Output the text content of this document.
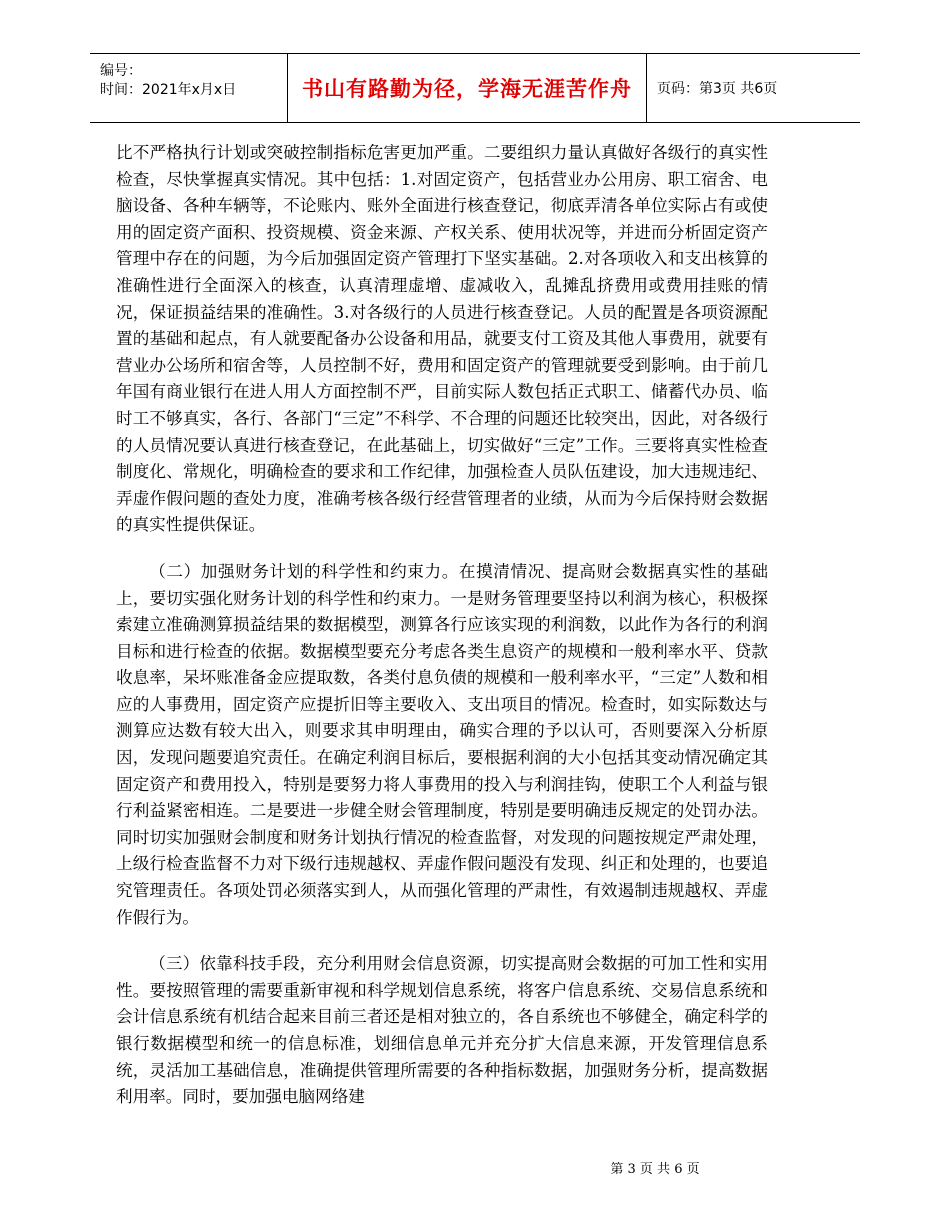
编号：
时间：2021年x月x日	书山有路勤为径，学海无涯苦作舟	页码：第3页 共6页

比不严格执行计划或突破控制指标危害更加严重。二要组织力量认真做好各级行的真实性检查，尽快掌握真实情况。其中包括：1.对固定资产，包括营业办公用房、职工宿舍、电脑设备、各种车辆等，不论账内、账外全面进行核查登记，彻底弄清各单位实际占有或使用的固定资产面积、投资规模、资金来源、产权关系、使用状况等，并进而分析固定资产管理中存在的问题，为今后加强固定资产管理打下坚实基础。2.对各项收入和支出核算的准确性进行全面深入的核查，认真清理虚增、虚减收入，乱摊乱挤费用或费用挂账的情况，保证损益结果的准确性。3.对各级行的人员进行核查登记。人员的配置是各项资源配置的基础和起点，有人就要配备办公设备和用品，就要支付工资及其他人事费用，就要有营业办公场所和宿舍等，人员控制不好，费用和固定资产的管理就要受到影响。由于前几年国有商业银行在进人用人方面控制不严，目前实际人数包括正式职工、储蓄代办员、临时工不够真实，各行、各部门“三定”不科学、不合理的问题还比较突出，因此，对各级行的人员情况要认真进行核查登记，在此基础上，切实做好“三定”工作。三要将真实性检查制度化、常规化，明确检查的要求和工作纪律，加强检查人员队伍建设，加大违规违纪、弄虚作假问题的查处力度，准确考核各级行经营管理者的业绩，从而为今后保持财会数据的真实性提供保证。

（二）加强财务计划的科学性和约束力。在摸清情况、提高财会数据真实性的基础上，要切实强化财务计划的科学性和约束力。一是财务管理要坚持以利润为核心，积极探索建立准确测算损益结果的数据模型，测算各行应该实现的利润数，以此作为各行的利润目标和进行检查的依据。数据模型要充分考虑各类生息资产的规模和一般利率水平、贷款收息率，呆坏账准备金应提取数，各类付息负债的规模和一般利率水平，“三定”人数和相应的人事费用，固定资产应提折旧等主要收入、支出项目的情况。检查时，如实际数达与测算应达数有较大出入，则要求其申明理由，确实合理的予以认可，否则要深入分析原因，发现问题要追究责任。在确定利润目标后，要根据利润的大小包括其变动情况确定其固定资产和费用投入，特别是要努力将人事费用的投入与利润挂钩，使职工个人利益与银行利益紧密相连。二是要进一步健全财会管理制度，特别是要明确违反规定的处罚办法。同时切实加强财会制度和财务计划执行情况的检查监督，对发现的问题按规定严肃处理，上级行检查监督不力对下级行违规越权、弄虚作假问题没有发现、纠正和处理的，也要追究管理责任。各项处罚必须落实到人，从而强化管理的严肃性，有效遏制违规越权、弄虚作假行为。

（三）依靠科技手段，充分利用财会信息资源，切实提高财会数据的可加工性和实用性。要按照管理的需要重新审视和科学规划信息系统，将客户信息系统、交易信息系统和会计信息系统有机结合起来目前三者还是相对独立的，各自系统也不够健全，确定科学的银行数据模型和统一的信息标准，划细信息单元并充分扩大信息来源，开发管理信息系统，灵活加工基础信息，准确提供管理所需要的各种指标数据，加强财务分析，提高数据利用率。同时，要加强电脑网络建

第 3 页 共 6 页
